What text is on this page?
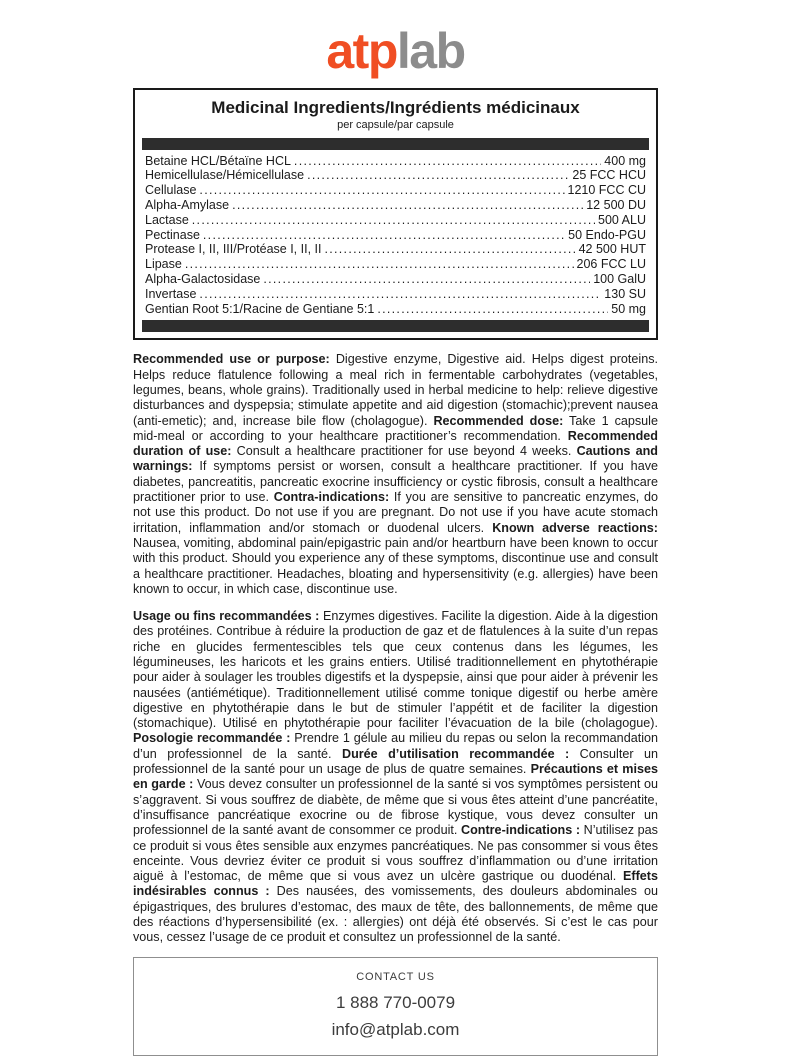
atplab
Medicinal Ingredients/Ingrédients médicinaux
per capsule/par capsule
Betaine HCL/Bétaïne HCL .....	400 mg
Hemicellulase/Hémicellulase .....	25 FCC HCU
Cellulase .....	1210 FCC CU
Alpha-Amylase .....	12 500 DU
Lactase .....	500 ALU
Pectinase .....	50 Endo-PGU
Protease I, II, III/Protéase I, II, II .....	42 500 HUT
Lipase .....	206 FCC LU
Alpha-Galactosidase .....	100 GalU
Invertase .....	130 SU
Gentian Root 5:1/Racine de Gentiane 5:1 .....	50 mg

Recommended use or purpose: Digestive enzyme, Digestive aid. Helps digest proteins. Helps reduce flatulence following a meal rich in fermentable carbohydrates (vegetables, legumes, beans, whole grains). Traditionally used in herbal medicine to help: relieve digestive disturbances and dyspepsia; stimulate appetite and aid digestion (stomachic);prevent nausea (anti-emetic); and, increase bile flow (cholagogue). Recommended dose: Take 1 capsule mid-meal or according to your healthcare practitioner’s recommendation. Recommended duration of use: Consult a healthcare practitioner for use beyond 4 weeks. Cautions and warnings: If symptoms persist or worsen, consult a healthcare practitioner. If you have diabetes, pancreatitis, pancreatic exocrine insufficiency or cystic fibrosis, consult a healthcare practitioner prior to use. Contra-indications: If you are sensitive to pancreatic enzymes, do not use this product. Do not use if you are pregnant. Do not use if you have acute stomach irritation, inflammation and/or stomach or duodenal ulcers. Known adverse reactions: Nausea, vomiting, abdominal pain/epigastric pain and/or heartburn have been known to occur with this product. Should you experience any of these symptoms, discontinue use and consult a healthcare practitioner. Headaches, bloating and hypersensitivity (e.g. allergies) have been known to occur, in which case, discontinue use.

Usage ou fins recommandées : Enzymes digestives. Facilite la digestion. Aide à la digestion des protéines. Contribue à réduire la production de gaz et de flatulences à la suite d’un repas riche en glucides fermentescibles tels que ceux contenus dans les légumes, les légumineuses, les haricots et les grains entiers. Utilisé traditionnellement en phytothérapie pour aider à soulager les troubles digestifs et la dyspepsie, ainsi que pour aider à prévenir les nausées (antiémétique). Traditionnellement utilisé comme tonique digestif ou herbe amère digestive en phytothérapie dans le but de stimuler l’appétit et de faciliter la digestion (stomachique). Utilisé en phytothérapie pour faciliter l’évacuation de la bile (cholagogue). Posologie recommandée : Prendre 1 gélule au milieu du repas ou selon la recommandation d’un professionnel de la santé. Durée d’utilisation recommandée : Consulter un professionnel de la santé pour un usage de plus de quatre semaines. Précautions et mises en garde : Vous devez consulter un professionnel de la santé si vos symptômes persistent ou s’aggravent. Si vous souffrez de diabète, de même que si vous êtes atteint d’une pancréatite, d’insuffisance pancréatique exocrine ou de fibrose kystique, vous devez consulter un professionnel de la santé avant de consommer ce produit. Contre-indications : N’utilisez pas ce produit si vous êtes sensible aux enzymes pancréatiques. Ne pas consommer si vous êtes enceinte. Vous devriez éviter ce produit si vous souffrez d’inflammation ou d’une irritation aiguë à l’estomac, de même que si vous avez un ulcère gastrique ou duodénal. Effets indésirables connus : Des nausées, des vomissements, des douleurs abdominales ou épigastriques, des brulures d’estomac, des maux de tête, des ballonnements, de même que des réactions d’hypersensibilité (ex. : allergies) ont déjà été observés. Si c’est le cas pour vous, cessez l’usage de ce produit et consultez un professionnel de la santé.

CONTACT US
1 888 770-0079
info@atplab.com
